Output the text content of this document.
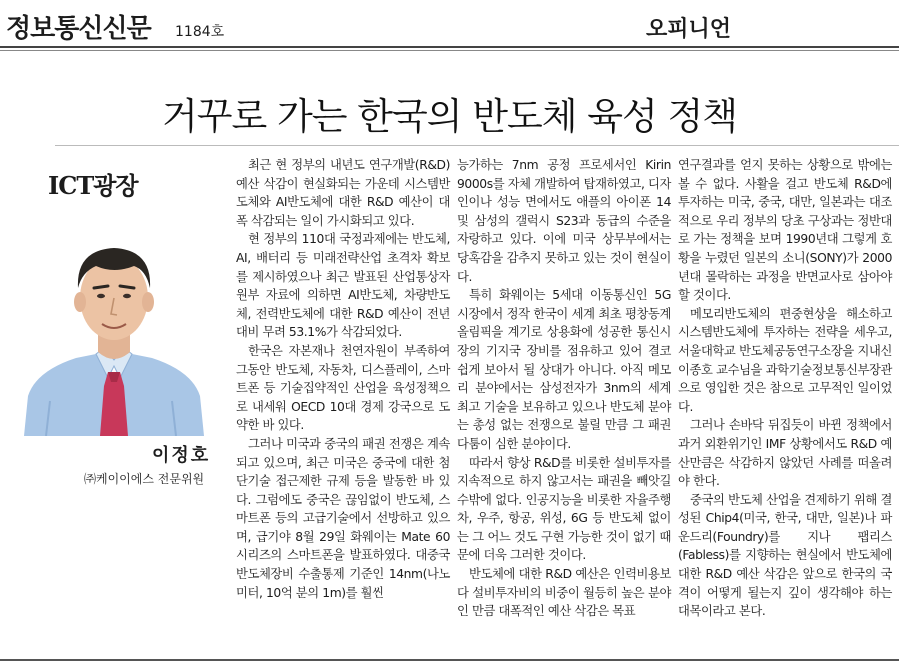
정보통신신문 1184호	오피니언
거꾸로 가는 한국의 반도체 육성 정책
ICT광장
이정호
㈜케이이에스 전문위원

최근 현 정부의 내년도 연구개발(R&D) 예산 삭감이 현실화되는 가운데 시스템반도체와 AI반도체에 대한 R&D 예산이 대폭 삭감되는 일이 가시화되고 있다.

현 정부의 110대 국정과제에는 반도체, AI, 배터리 등 미래전략산업 초격차 확보를 제시하였으나 최근 발표된 산업통상자원부 자료에 의하면 AI반도체, 차량반도체, 전력반도체에 대한 R&D 예산이 전년 대비 무려 53.1%가 삭감되었다.

한국은 자본재나 천연자원이 부족하여 그동안 반도체, 자동차, 디스플레이, 스마트폰 등 기술집약적인 산업을 육성정책으로 내세워 OECD 10대 경제 강국으로 도약한 바 있다.

그러나 미국과 중국의 패권 전쟁은 계속되고 있으며, 최근 미국은 중국에 대한 첨단기술 접근제한 규제 등을 발동한 바 있다. 그럼에도 중국은 끊임없이 반도체, 스마트폰 등의 고급기술에서 선방하고 있으며, 급기야 8월 29일 화웨이는 Mate 60 시리즈의 스마트폰을 발표하였다. 대중국 반도체장비 수출통제 기준인 14nm(나노미터, 10억 분의 1m)를 훨씬

능가하는 7nm 공정 프로세서인 Kirin 9000s를 자체 개발하여 탑재하였고, 디자인이나 성능 면에서도 애플의 아이폰 14 및 삼성의 갤럭시 S23과 동급의 수준을 자랑하고 있다. 이에 미국 상무부에서는 당혹감을 감추지 못하고 있는 것이 현실이다.

특히 화웨이는 5세대 이동통신인 5G 시장에서 정작 한국이 세계 최초 평창동계올림픽을 계기로 상용화에 성공한 통신시장의 기지국 장비를 점유하고 있어 결코 쉽게 보아서 될 상대가 아니다. 아직 메모리 분야에서는 삼성전자가 3nm의 세계 최고 기술을 보유하고 있으나 반도체 분야는 총성 없는 전쟁으로 불릴 만큼 그 패권 다툼이 심한 분야이다.

따라서 향상 R&D를 비롯한 설비투자를 지속적으로 하지 않고서는 패권을 빼앗길 수밖에 없다. 인공지능을 비롯한 자율주행차, 우주, 항공, 위성, 6G 등 반도체 없이는 그 어느 것도 구현 가능한 것이 없기 때문에 더욱 그러한 것이다.

반도체에 대한 R&D 예산은 인력비용보다 설비투자비의 비중이 월등히 높은 분야인 만큼 대폭적인 예산 삭감은 목표

연구결과를 얻지 못하는 상황으로 밖에는 볼 수 없다. 사활을 걸고 반도체 R&D에 투자하는 미국, 중국, 대만, 일본과는 대조적으로 우리 정부의 당초 구상과는 정반대로 가는 정책을 보며 1990년대 그렇게 호황을 누렸던 일본의 소니(SONY)가 2000년대 몰락하는 과정을 반면교사로 삼아야 할 것이다.

메모리반도체의 편중현상을 해소하고 시스템반도체에 투자하는 전략을 세우고, 서울대학교 반도체공동연구소장을 지내신 이종호 교수님을 과학기술정보통신부장관으로 영입한 것은 참으로 고무적인 일이었다.

그러나 손바닥 뒤집듯이 바뀐 정책에서 과거 외환위기인 IMF 상황에서도 R&D 예산만큼은 삭감하지 않았던 사례를 떠올려야 한다.

중국의 반도체 산업을 견제하기 위해 결성된 Chip4(미국, 한국, 대만, 일본)나 파운드리(Foundry)를 지나 팹리스(Fabless)를 지향하는 현실에서 반도체에 대한 R&D 예산 삭감은 앞으로 한국의 국격이 어떻게 될는지 깊이 생각해야 하는 대목이라고 본다.
